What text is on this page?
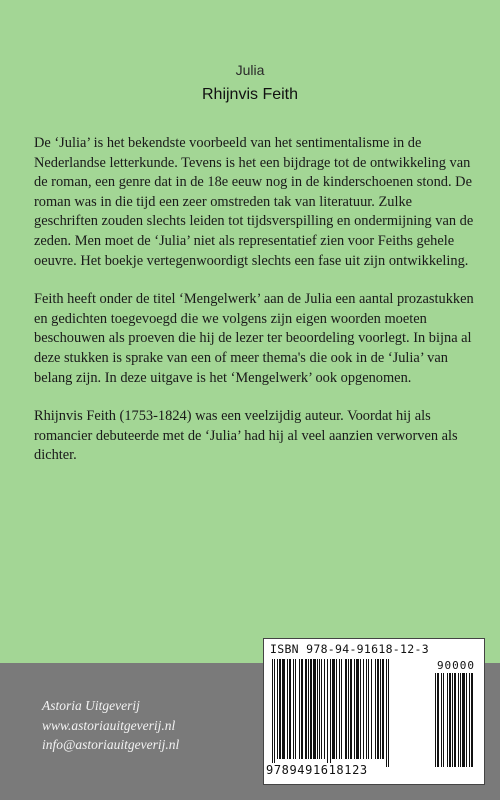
Julia
Rhijnvis Feith

De ‘Julia’ is het bekendste voorbeeld van het sentimentalisme in de Nederlandse letterkunde. Tevens is het een bijdrage tot de ontwikkeling van de roman, een genre dat in de 18e eeuw nog in de kinderschoenen stond. De roman was in die tijd een zeer omstreden tak van literatuur. Zulke geschriften zouden slechts leiden tot tijdsverspilling en ondermijning van de zeden. Men moet de ‘Julia’ niet als representatief zien voor Feiths gehele oeuvre. Het boekje vertegenwoordigt slechts een fase uit zijn ontwikkeling.

Feith heeft onder de titel ‘Mengelwerk’ aan de Julia een aantal prozastukken en gedichten toegevoegd die we volgens zijn eigen woorden moeten beschouwen als proeven die hij de lezer ter beoordeling voorlegt. In bijna al deze stukken is sprake van een of meer thema's die ook in de ‘Julia’ van belang zijn. In deze uitgave is het ‘Mengelwerk’ ook opgenomen.

Rhijnvis Feith (1753-1824) was een veelzijdig auteur. Voordat hij als romancier debuteerde met de ‘Julia’ had hij al veel aanzien verworven als dichter.

Astoria Uitgeverij
www.astoriauitgeverij.nl
info@astoriauitgeverij.nl
ISBN 978-94-91618-12-3
90000
9789491618123
